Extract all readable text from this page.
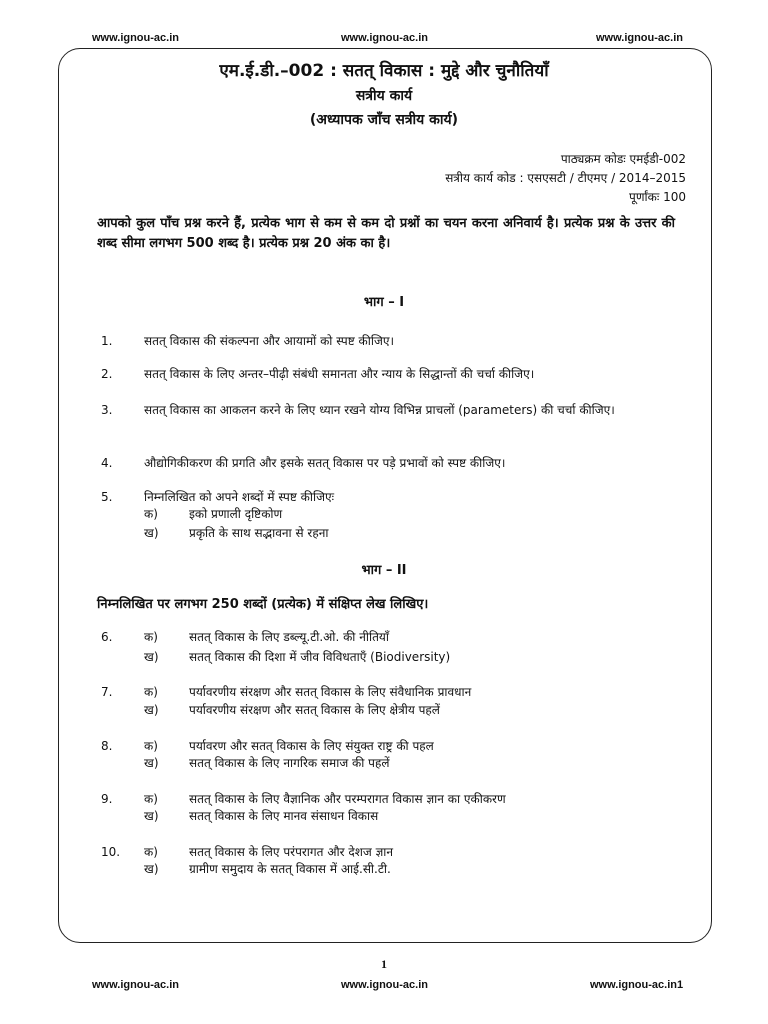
www.ignou-ac.in	www.ignou-ac.in	www.ignou-ac.in
एम.ई.डी.–002 : सतत् विकास : मुद्दे और चुनौतियाँ
सत्रीय कार्य
(अध्यापक जाँच सत्रीय कार्य)
पाठ्यक्रम कोडः एमईडी-002
सत्रीय कार्य कोड : एसएसटी / टीएमए / 2014–2015
पूर्णांकः 100
आपको कुल पाँच प्रश्न करने हैं, प्रत्येक भाग से कम से कम दो प्रश्नों का चयन करना अनिवार्य है। प्रत्येक प्रश्न के उत्तर की शब्द सीमा लगभग 500 शब्द है। प्रत्येक प्रश्न 20 अंक का है।
भाग – I
1.	सतत् विकास की संकल्पना और आयामों को स्पष्ट कीजिए।
2.	सतत् विकास के लिए अन्तर–पीढ़ी संबंधी समानता और न्याय के सिद्धान्तों की चर्चा कीजिए।
3.	सतत् विकास का आकलन करने के लिए ध्यान रखने योग्य विभिन्न प्राचलों (parameters) की चर्चा कीजिए।
4.	औद्योगिकीकरण की प्रगति और इसके सतत् विकास पर पड़े प्रभावों को स्पष्ट कीजिए।
5.	निम्नलिखित को अपने शब्दों में स्पष्ट कीजिएः
क)	इको प्रणाली दृष्टिकोण
ख)	प्रकृति के साथ सद्भावना से रहना
भाग – II
निम्नलिखित पर लगभग 250 शब्दों (प्रत्येक) में संक्षिप्त लेख लिखिए।
6.	क)	सतत् विकास के लिए डब्ल्यू.टी.ओ. की नीतियाँ
ख)	सतत् विकास की दिशा में जीव विविधताएँ (Biodiversity)
7.	क)	पर्यावरणीय संरक्षण और सतत् विकास के लिए संवैधानिक प्रावधान
ख)	पर्यावरणीय संरक्षण और सतत् विकास के लिए क्षेत्रीय पहलें
8.	क)	पर्यावरण और सतत् विकास के लिए संयुक्त राष्ट्र की पहल
ख)	सतत् विकास के लिए नागरिक समाज की पहलें
9.	क)	सतत् विकास के लिए वैज्ञानिक और परम्परागत विकास ज्ञान का एकीकरण
ख)	सतत् विकास के लिए मानव संसाधन विकास
10. क)	सतत् विकास के लिए परंपरागत और देशज ज्ञान
ख)	ग्रामीण समुदाय के सतत् विकास में आई.सी.टी.
1
www.ignou-ac.in	www.ignou-ac.in	www.ignou-ac.in1
